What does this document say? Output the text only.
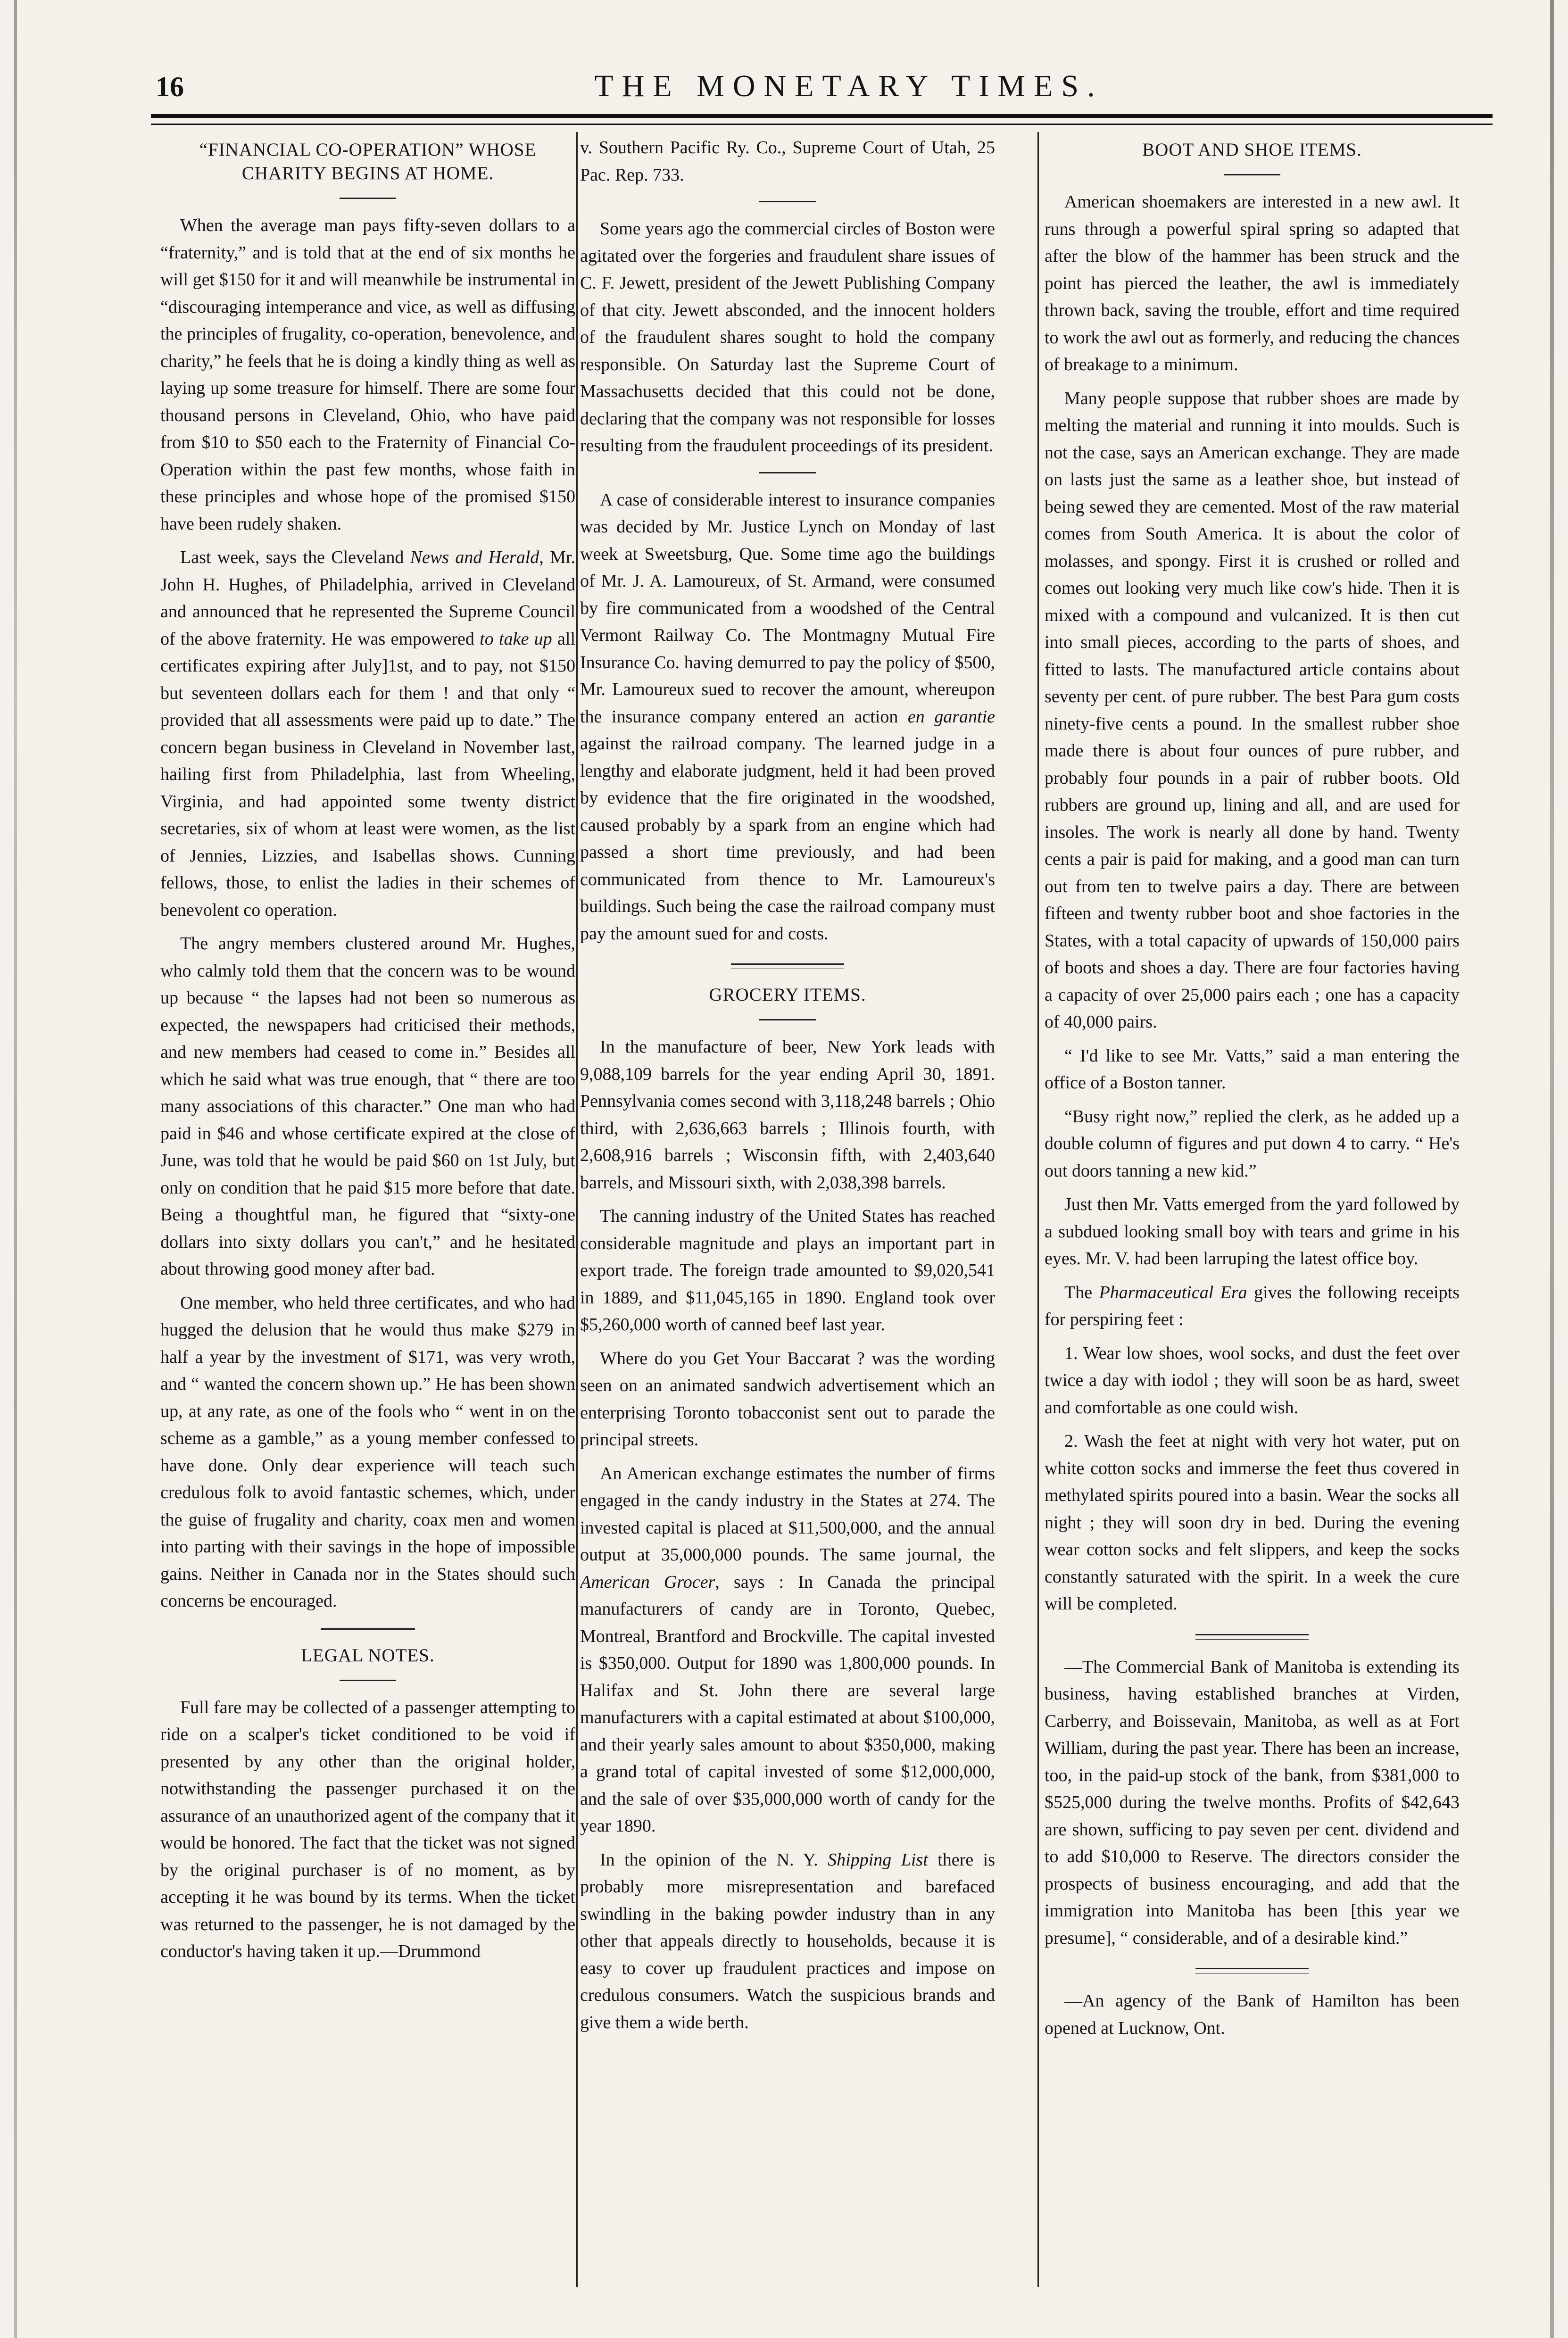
16	THE MONETARY TIMES.
“FINANCIAL CO-OPERATION” WHOSE CHARITY BEGINS AT HOME.

When the average man pays fifty-seven dollars to a “fraternity,” and is told that at the end of six months he will get $150 for it and will meanwhile be instrumental in “discouraging intemperance and vice, as well as diffusing the principles of frugality, co-operation, benevolence, and charity,” he feels that he is doing a kindly thing as well as laying up some treasure for himself. There are some four thousand persons in Cleveland, Ohio, who have paid from $10 to $50 each to the Fraternity of Financial Co-Operation within the past few months, whose faith in these principles and whose hope of the promised $150 have been rudely shaken.

Last week, says the Cleveland News and Herald, Mr. John H. Hughes, of Philadelphia, arrived in Cleveland and announced that he represented the Supreme Council of the above fraternity. He was empowered to take up all certificates expiring after July]1st, and to pay, not $150 but seventeen dollars each for them ! and that only “ provided that all assessments were paid up to date.” The concern began business in Cleveland in November last, hailing first from Philadelphia, last from Wheeling, Virginia, and had appointed some twenty district secretaries, six of whom at least were women, as the list of Jennies, Lizzies, and Isabellas shows. Cunning fellows, those, to enlist the ladies in their schemes of benevolent co operation.

The angry members clustered around Mr. Hughes, who calmly told them that the concern was to be wound up because “ the lapses had not been so numerous as expected, the newspapers had criticised their methods, and new members had ceased to come in.” Besides all which he said what was true enough, that “ there are too many associations of this character.” One man who had paid in $46 and whose certificate expired at the close of June, was told that he would be paid $60 on 1st July, but only on condition that he paid $15 more before that date. Being a thoughtful man, he figured that “sixty-one dollars into sixty dollars you can't,” and he hesitated about throwing good money after bad.

One member, who held three certificates, and who had hugged the delusion that he would thus make $279 in half a year by the investment of $171, was very wroth, and “ wanted the concern shown up.” He has been shown up, at any rate, as one of the fools who “ went in on the scheme as a gamble,” as a young member confessed to have done. Only dear experience will teach such credulous folk to avoid fantastic schemes, which, under the guise of frugality and charity, coax men and women into parting with their savings in the hope of impossible gains. Neither in Canada nor in the States should such concerns be encouraged.

LEGAL NOTES.

Full fare may be collected of a passenger attempting to ride on a scalper's ticket conditioned to be void if presented by any other than the original holder, notwithstanding the passenger purchased it on the assurance of an unauthorized agent of the company that it would be honored. The fact that the ticket was not signed by the original purchaser is of no moment, as by accepting it he was bound by its terms. When the ticket was returned to the passenger, he is not damaged by the conductor's having taken it up.—Drummond

v. Southern Pacific Ry. Co., Supreme Court of Utah, 25 Pac. Rep. 733.

Some years ago the commercial circles of Boston were agitated over the forgeries and fraudulent share issues of C. F. Jewett, president of the Jewett Publishing Company of that city. Jewett absconded, and the innocent holders of the fraudulent shares sought to hold the company responsible. On Saturday last the Supreme Court of Massachusetts decided that this could not be done, declaring that the company was not responsible for losses resulting from the fraudulent proceedings of its president.

A case of considerable interest to insurance companies was decided by Mr. Justice Lynch on Monday of last week at Sweetsburg, Que. Some time ago the buildings of Mr. J. A. Lamoureux, of St. Armand, were consumed by fire communicated from a woodshed of the Central Vermont Railway Co. The Montmagny Mutual Fire Insurance Co. having demurred to pay the policy of $500, Mr. Lamoureux sued to recover the amount, whereupon the insurance company entered an action en garantie against the railroad company. The learned judge in a lengthy and elaborate judgment, held it had been proved by evidence that the fire originated in the woodshed, caused probably by a spark from an engine which had passed a short time previously, and had been communicated from thence to Mr. Lamoureux's buildings. Such being the case the railroad company must pay the amount sued for and costs.

GROCERY ITEMS.

In the manufacture of beer, New York leads with 9,088,109 barrels for the year ending April 30, 1891. Pennsylvania comes second with 3,118,248 barrels ; Ohio third, with 2,636,663 barrels ; Illinois fourth, with 2,608,916 barrels ; Wisconsin fifth, with 2,403,640 barrels, and Missouri sixth, with 2,038,398 barrels.

The canning industry of the United States has reached considerable magnitude and plays an important part in export trade. The foreign trade amounted to $9,020,541 in 1889, and $11,045,165 in 1890. England took over $5,260,000 worth of canned beef last year.

Where do you Get Your Baccarat ? was the wording seen on an animated sandwich advertisement which an enterprising Toronto tobacconist sent out to parade the principal streets.

An American exchange estimates the number of firms engaged in the candy industry in the States at 274. The invested capital is placed at $11,500,000, and the annual output at 35,000,000 pounds. The same journal, the American Grocer, says : In Canada the principal manufacturers of candy are in Toronto, Quebec, Montreal, Brantford and Brockville. The capital invested is $350,000. Output for 1890 was 1,800,000 pounds. In Halifax and St. John there are several large manufacturers with a capital estimated at about $100,000, and their yearly sales amount to about $350,000, making a grand total of capital invested of some $12,000,000, and the sale of over $35,000,000 worth of candy for the year 1890.

In the opinion of the N. Y. Shipping List there is probably more misrepresentation and barefaced swindling in the baking powder industry than in any other that appeals directly to households, because it is easy to cover up fraudulent practices and impose on credulous consumers. Watch the suspicious brands and give them a wide berth.

BOOT AND SHOE ITEMS.

American shoemakers are interested in a new awl. It runs through a powerful spiral spring so adapted that after the blow of the hammer has been struck and the point has pierced the leather, the awl is immediately thrown back, saving the trouble, effort and time required to work the awl out as formerly, and reducing the chances of breakage to a minimum.

Many people suppose that rubber shoes are made by melting the material and running it into moulds. Such is not the case, says an American exchange. They are made on lasts just the same as a leather shoe, but instead of being sewed they are cemented. Most of the raw material comes from South America. It is about the color of molasses, and spongy. First it is crushed or rolled and comes out looking very much like cow's hide. Then it is mixed with a compound and vulcanized. It is then cut into small pieces, according to the parts of shoes, and fitted to lasts. The manufactured article contains about seventy per cent. of pure rubber. The best Para gum costs ninety-five cents a pound. In the smallest rubber shoe made there is about four ounces of pure rubber, and probably four pounds in a pair of rubber boots. Old rubbers are ground up, lining and all, and are used for insoles. The work is nearly all done by hand. Twenty cents a pair is paid for making, and a good man can turn out from ten to twelve pairs a day. There are between fifteen and twenty rubber boot and shoe factories in the States, with a total capacity of upwards of 150,000 pairs of boots and shoes a day. There are four factories having a capacity of over 25,000 pairs each ; one has a capacity of 40,000 pairs.

“ I'd like to see Mr. Vatts,” said a man entering the office of a Boston tanner.

“Busy right now,” replied the clerk, as he added up a double column of figures and put down 4 to carry. “ He's out doors tanning a new kid.”

Just then Mr. Vatts emerged from the yard followed by a subdued looking small boy with tears and grime in his eyes. Mr. V. had been larruping the latest office boy.

The Pharmaceutical Era gives the following receipts for perspiring feet :

1. Wear low shoes, wool socks, and dust the feet over twice a day with iodol ; they will soon be as hard, sweet and comfortable as one could wish.

2. Wash the feet at night with very hot water, put on white cotton socks and immerse the feet thus covered in methylated spirits poured into a basin. Wear the socks all night ; they will soon dry in bed. During the evening wear cotton socks and felt slippers, and keep the socks constantly saturated with the spirit. In a week the cure will be completed.

—The Commercial Bank of Manitoba is extending its business, having established branches at Virden, Carberry, and Boissevain, Manitoba, as well as at Fort William, during the past year. There has been an increase, too, in the paid-up stock of the bank, from $381,000 to $525,000 during the twelve months. Profits of $42,643 are shown, sufficing to pay seven per cent. dividend and to add $10,000 to Reserve. The directors consider the prospects of business encouraging, and add that the immigration into Manitoba has been [this year we presume], “ considerable, and of a desirable kind.”

—An agency of the Bank of Hamilton has been opened at Lucknow, Ont.
